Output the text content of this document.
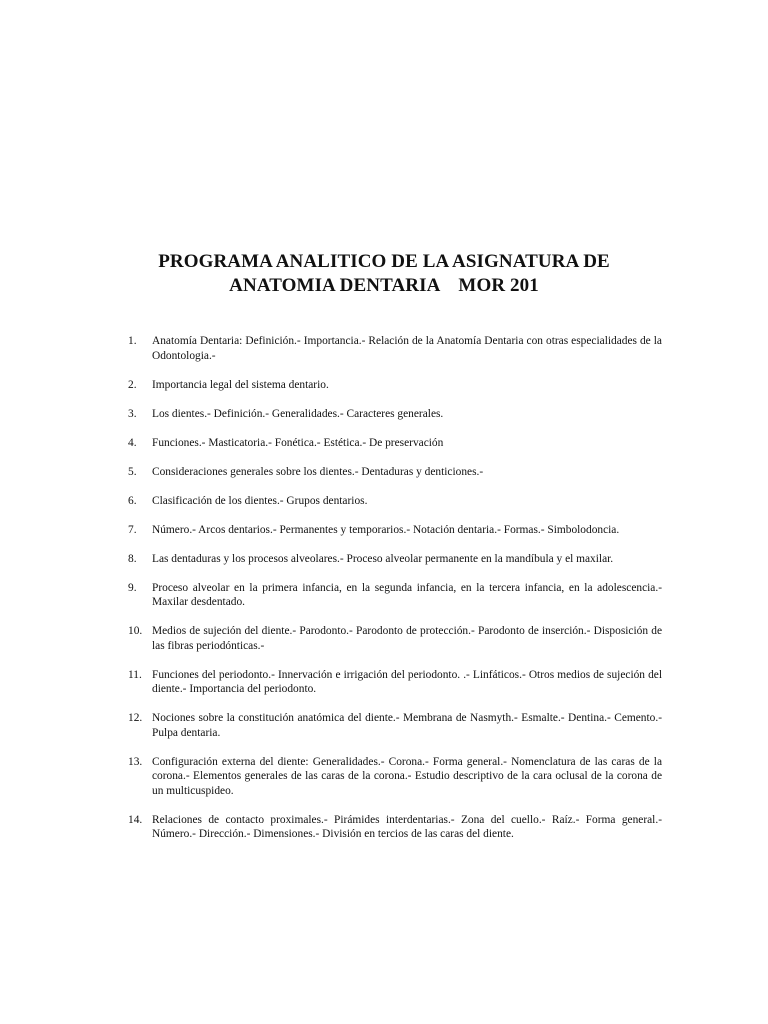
PROGRAMA ANALITICO DE LA ASIGNATURA DE
ANATOMIA DENTARIA MOR 201
1. Anatomía Dentaria: Definición.- Importancia.- Relación de la Anatomía Dentaria con otras especialidades de la Odontologia.-
2. Importancia legal del sistema dentario.
3. Los dientes.- Definición.- Generalidades.- Caracteres generales.
4. Funciones.- Masticatoria.- Fonética.- Estética.- De preservación
5. Consideraciones generales sobre los dientes.- Dentaduras y denticiones.-
6. Clasificación de los dientes.- Grupos dentarios.
7. Número.- Arcos dentarios.- Permanentes y temporarios.- Notación dentaria.- Formas.- Simbolodoncia.
8. Las dentaduras y los procesos alveolares.- Proceso alveolar permanente en la mandíbula y el maxilar.
9. Proceso alveolar en la primera infancia, en la segunda infancia, en la tercera infancia, en la adolescencia.- Maxilar desdentado.
10. Medios de sujeción del diente.- Parodonto.- Parodonto de protección.- Parodonto de inserción.- Disposición de las fibras periodónticas.-
11. Funciones del periodonto.- Innervación e irrigación del periodonto. .- Linfáticos.- Otros medios de sujeción del diente.- Importancia del periodonto.
12. Nociones sobre la constitución anatómica del diente.- Membrana de Nasmyth.- Esmalte.- Dentina.- Cemento.- Pulpa dentaria.
13. Configuración externa del diente: Generalidades.- Corona.- Forma general.- Nomenclatura de las caras de la corona.- Elementos generales de las caras de la corona.- Estudio descriptivo de la cara oclusal de la corona de un multicuspideo.
14. Relaciones de contacto proximales.- Pirámides interdentarias.- Zona del cuello.- Raíz.- Forma general.- Número.- Dirección.- Dimensiones.- División en tercios de las caras del diente.
